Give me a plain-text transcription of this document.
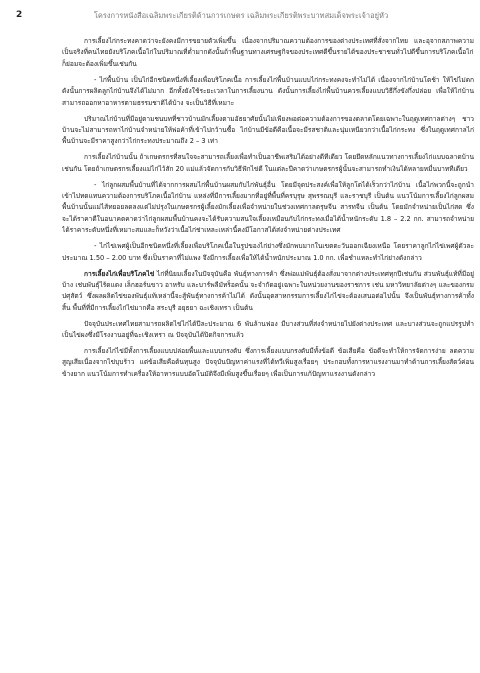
2	โครงการหนังสือเฉลิมพระเกียรติด้านการเกษตร เฉลิมพระเกียรติพระบาทสมเด็จพระเจ้าอยู่หัว

การเลี้ยงไก่กระทงคาดว่าจะยังคงมีการขยายตัวเพิ่มขึ้น เนื่องจากปริมาณความต้องการของต่างประเทศที่สั่งจากไทย และอุจากสภาพความเป็นจริงที่คนไทยยังบริโภคเนื้อไก่ในปริมาณที่ต่ำมากดังนั้นถ้าพื้นฐานทางเศรษฐกิจของประเทศดีขึ้นรายได้ของประชาชนทั่วไปดีขึ้นการบริโภคเนื้อไก่ก็ย่อมจะต้องเพิ่มขึ้นเช่นกัน

- ไก่พื้นบ้าน เป็นไก่อีกชนิดหนึ่งที่เลี้ยงเพื่อบริโภคเนื้อ การเลี้ยงไก่พื้นบ้านแบบไก่กระทงคงจะทำไม่ได้ เนื่องจากไก่บ้านโตช้า ให้ไข่ไม่ดก ดังนั้นการผลิตลูกไก่บ้านจึงได้ไม่มาก อีกทั้งยังใช้ระยะเวลาในการเลี้ยงนาน ดังนั้นการเลี้ยงไก่พื้นบ้านควรเลี้ยงแบบวิธีกึ่งขังกึ่งปล่อย เพื่อให้ไก่บ้านสามารถออกหาอาหารตามธรรมชาติได้บ้าง จะเป็นวิธีที่เหมาะ

ปริมาณไก่บ้านที่มีอยู่ตามชนบทที่ชาวบ้านมักเลี้ยงตามอัธยาศัยนั้นไม่เพียงพอต่อความต้องการของตลาดโดยเฉพาะในฤดูเทศกาลต่างๆ ชาวบ้านจะไม่สามารถหาไก่บ้านจำหน่ายให้พ่อค้าที่เข้าไปกว้านซื้อ ไก่บ้านมีข้อดีคือเนื้อจะมีรสชาติและนุ่มเหนียวกว่าเนื้อไก่กระทง ซึ่งในฤดูเทศกาลไก่พื้นบ้านจะมีราคาสูงกว่าไก่กระทงประมาณถึง 2 – 3 เท่า

การเลี้ยงไก่บ้านนั้น ถ้าเกษตรกรที่สนใจจะสามารถเลี้ยงเพื่อทำเป็นอาชีพเสริมได้อย่างดีทีเดียว โดยยึดหลักแนวทางการเลี้ยงไก่แบบฉลาดบ้านเช่นกัน โดยถ้าเกษตรกรเลี้ยงแม่ไก่ไว้สัก 20 แม่แล้วจัดการกับวิธีฟักไข่ดี ในแต่ละปีคาดว่าเกษตรกรผู้นั้นจะสามารถทำเงินได้หลายหมื่นบาททีเดียว

- ไก่ลูกผสมพื้นบ้านที่ได้จากการผสมไก่พื้นบ้านผสมกับไก่พันธุ์อื่น โดยมีจุดประสงค์เพื่อให้ลูกโตได้เร็วกว่าไก่บ้าน เนื้อไก่พวกนี้จะถูกนำเข้าไปทดแทนความต้องการบริโภคเนื้อไก่บ้าน แหล่งที่มีการเลี้ยงมากที่อยู่ที่พื้นที่ครบุรุษ สุพรรณบุรี และราชบุรี เป็นต้น แนวโน้มการเลี้ยงไก่ลูกผสมพื้นบ้านนั้นแม่ไส้ทยอยลดลงแต่ไม่ปรุงในเกษตรกรผู้เลี้ยงมักเลี้ยงเพื่อจำหน่ายในช่วงเทศกาลตรุษจีน สารทจีน เป็นต้น โดยมักจำหน่ายเป็นไก่สด ซึ่งจะได้ราคาดีในอนาคตคาดว่าไก่ลูกผสมพื้นบ้านคงจะได้รับความสนใจเลี้ยงเหมือนกับไก่กระทงเมื่อได้น้ำหนักระดับ 1.8 – 2.2 กก. สามารถจำหน่ายได้ราคาระดับหนึ่งที่เหมาะสมและก็หวังว่าเนื้อไก่ช่าเหละเหล่านี้คงมีโอกาสได้ส่งจำหน่ายต่างประเทศ

- ไก่ไข่เพศผู้เป็นอีกชนิดหนึ่งที่เลี้ยงเพื่อบริโภคเนื้อในรูปของไก่ย่างซึ่งมักพบมากในเขตตะวันออกเฉียงเหนือ โดยราคาลูกไก่ไข่เพศผู้ตัวละประมาณ 1.50 – 2.00 บาท ซึ่งเป็นราคาที่ไม่แพง จึงมีการเลี้ยงเพื่อให้ได้น้ำหนักประมาณ 1.0 กก. เพื่อชำแหละทำไก่ย่างดังกล่าว

การเลี้ยงไก่เพื่อบริโภคไข่ ไก่ที่นิยมเลี้ยงในปัจจุบันคือ พันธุ์ทางการค้า ซึ่งพ่อแม่พันธุ์ต้องสั่งมาจากต่างประเทศทุกปีเช่นกัน ส่วนพันธุ์แท้ที่มีอยู่บ้าง เช่นพันธุ์ไร้ดแดง เล็กฮอร์นขาว อาหรับ และบาร์พลีมัทร็อคนั้น จะจำกัดอยู่เฉพาะในหน่วยงานของราชการ เช่น มหาวิทยาลัยต่างๆ และของกรมปศุสัตว์ ซึ่งผลผลิตไข่ของพันธุ์แท้เหล่านี้จะสู้พันธุ์ทางการค้าไม่ได้ ดังนั้นอุตสาหกรรมการเลี้ยงไก่ไข่จะต้องเสนอต่อไปนั้น จึงเป็นพันธุ์ทางการค้าทั้งสิ้น พื้นที่ที่มีการเลี้ยงไก่ไข่มากคือ สระบุรี อยุธยา ฉะเชิงเทรา เป็นต้น

ปัจจุบันประเทศไทยสามารถผลิตไข่ไก่ได้ปีละประมาณ 6 พันล้านฟอง มีบางส่วนที่ส่งจำหน่ายไปยังต่างประเทศ และบางส่วนจะถูกแปรรูปทำเป็นไข่ผงซึ่งมีโรงงานอยู่ที่ฉะเชิงเทรา ณ ปัจจุบันได้ปิดกิจการแล้ว

การเลี้ยงไก่ไข่มีทั้งการเลี้ยงแบบปล่อยพื้นและแบบกรงตับ ซึ่งการเลี้ยงแบบกรงตับมีทั้งข้อดี ข้อเสียคือ ข้อดีจะทำให้การจัดการง่าย ลดความสูญเสียเนื่องจากไข่บุบร้าว แต่ข้อเสียคือต้นทุนสูง ปัจจุบันปัญหาค่าแรงที่ได้ทวีเพิ่มสูงเรื่อยๆ ประกอบทั้งการหาแรงงานมาทำด้านการเลี้ยงสัตว์ค่อนข้างยาก แนวโน้มการทำเครื่องให้อาหารแบบอัตโนมัติจึงมีเพิ่มสูงขึ้นเรื่อยๆ เพื่อเป็นการแก้ปัญหาแรงงานดังกล่าว
